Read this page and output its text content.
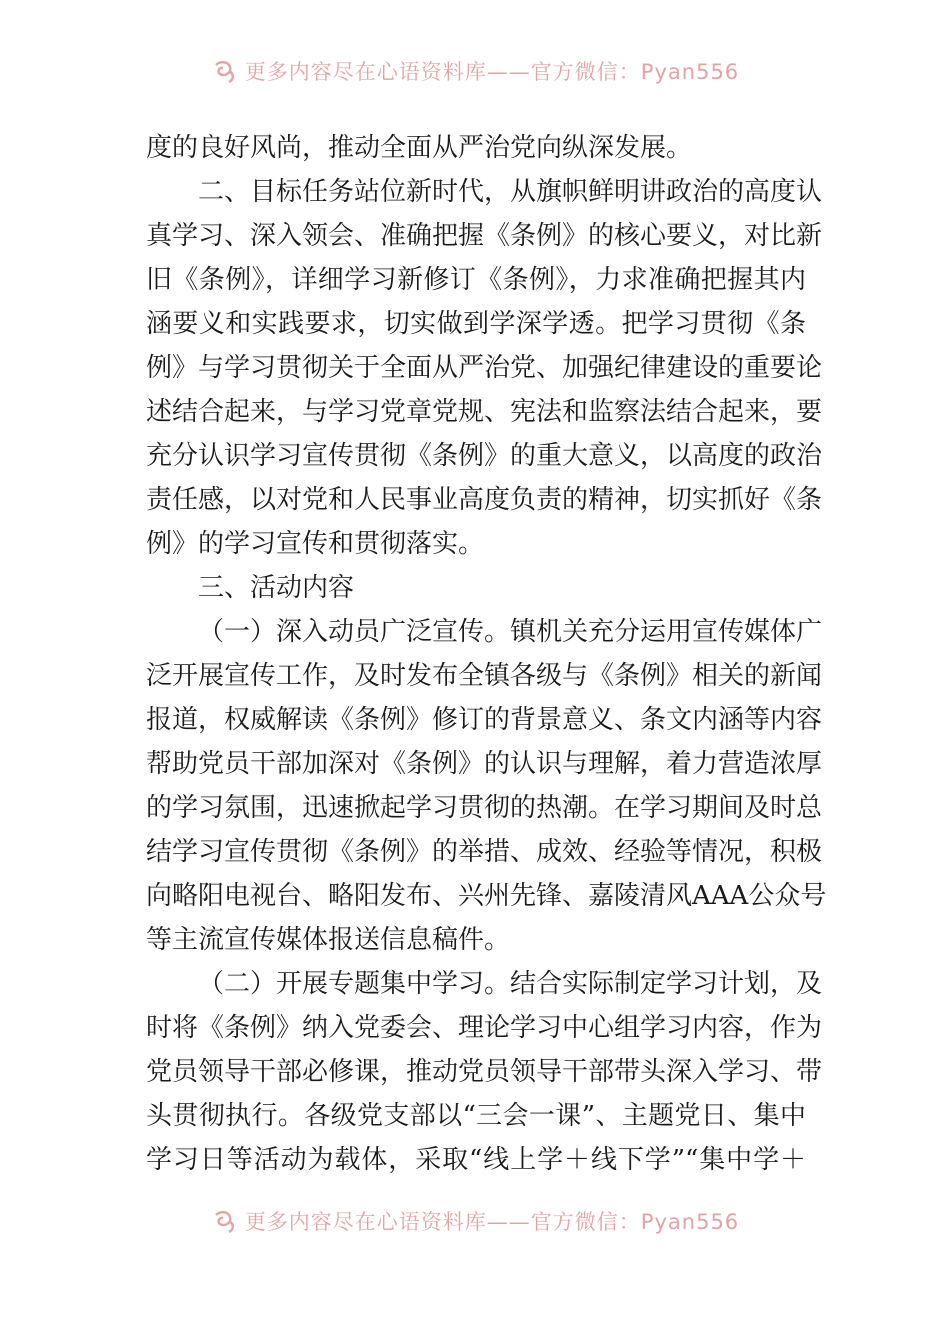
更多内容尽在心语资料库——官方微信：Pyan556
度的良好风尚，推动全面从严治党向纵深发展。
二、目标任务站位新时代，从旗帜鲜明讲政治的高度认
真学习、深入领会、准确把握《条例》的核心要义，对比新
旧《条例》，详细学习新修订《条例》，力求准确把握其内
涵要义和实践要求，切实做到学深学透。把学习贯彻《条
例》与学习贯彻关于全面从严治党、加强纪律建设的重要论
述结合起来，与学习党章党规、宪法和监察法结合起来，要
充分认识学习宣传贯彻《条例》的重大意义，以高度的政治
责任感，以对党和人民事业高度负责的精神，切实抓好《条
例》的学习宣传和贯彻落实。
三、活动内容
（一）深入动员广泛宣传。镇机关充分运用宣传媒体广
泛开展宣传工作，及时发布全镇各级与《条例》相关的新闻
报道，权威解读《条例》修订的背景意义、条文内涵等内容
帮助党员干部加深对《条例》的认识与理解，着力营造浓厚
的学习氛围，迅速掀起学习贯彻的热潮。在学习期间及时总
结学习宣传贯彻《条例》的举措、成效、经验等情况，积极
向略阳电视台、略阳发布、兴州先锋、嘉陵清风AAA公众号
等主流宣传媒体报送信息稿件。
（二）开展专题集中学习。结合实际制定学习计划，及
时将《条例》纳入党委会、理论学习中心组学习内容，作为
党员领导干部必修课，推动党员领导干部带头深入学习、带
头贯彻执行。各级党支部以“三会一课”、主题党日、集中
学习日等活动为载体，采取“线上学＋线下学”“集中学＋
更多内容尽在心语资料库——官方微信：Pyan556
